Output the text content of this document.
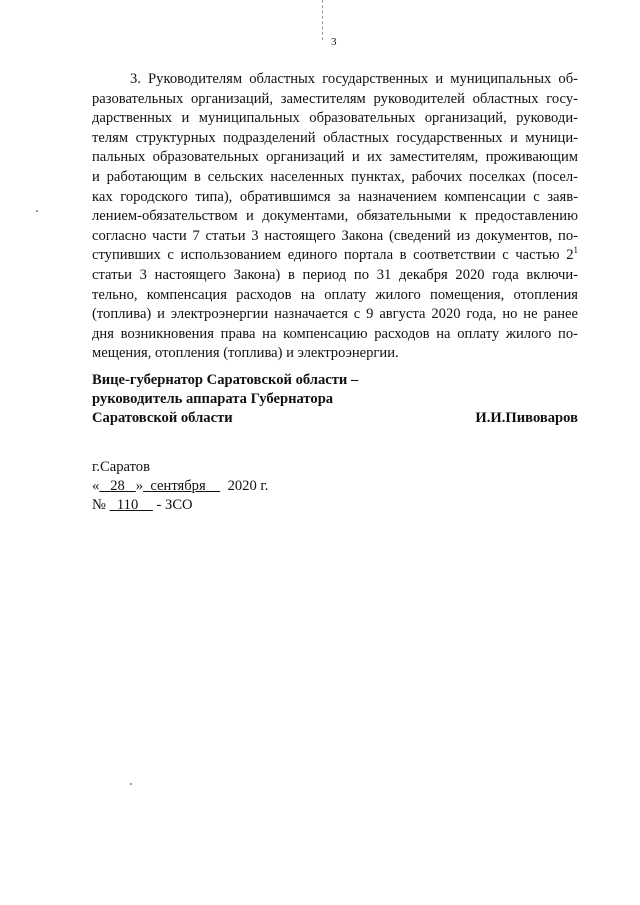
3
3. Руководителям областных государственных и муниципальных об-
разовательных организаций, заместителям руководителей областных госу-
дарственных и муниципальных образовательных организаций, руководи-
телям структурных подразделений областных государственных и муници-
пальных образовательных организаций и их заместителям, проживающим
и работающим в сельских населенных пунктах, рабочих поселках (посел-
ках городского типа), обратившимся за назначением компенсации с заяв-
лением-обязательством и документами, обязательными к предоставлению
согласно части 7 статьи 3 настоящего Закона (сведений из документов, по-
ступивших с использованием единого портала в соответствии с частью $2^1$
статьи 3 настоящего Закона) в период по 31 декабря 2020 года включи-
тельно, компенсация расходов на оплату жилого помещения, отопления
(топлива) и электроэнергии назначается с 9 августа 2020 года, но не ранее
дня возникновения права на компенсацию расходов на оплату жилого по-
мещения, отопления (топлива) и электроэнергии.
Вице-губернатор Саратовской области –
руководитель аппарата Губернатора
Саратовской области	И.И.Пивоваров
г.Саратов
« 28 » сентября 2020 г.
№ 110 - ЗСО
